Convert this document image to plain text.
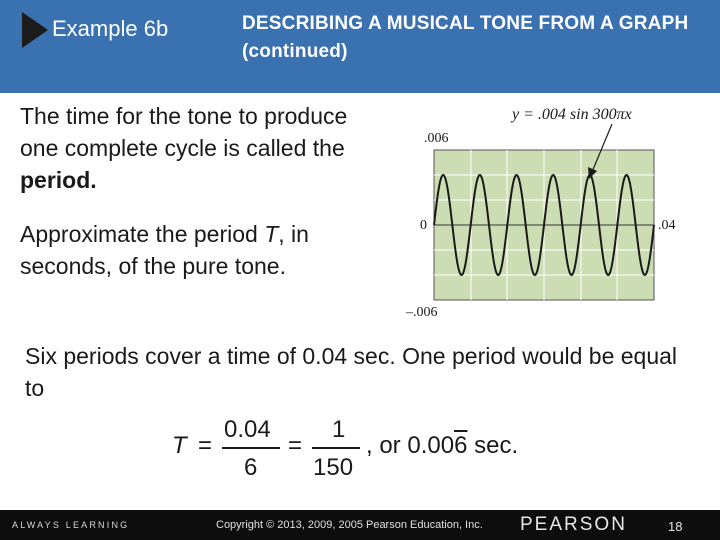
Example 6b	DESCRIBING A MUSICAL TONE FROM A GRAPH (continued)
The time for the tone to produce one complete cycle is called the period.
Approximate the period T, in seconds, of the pure tone.
y = .004 sin 300πx
.006
0	.04
–.006
Six periods cover a time of 0.04 sec. One period would be equal to
T =
0.04
6
=
1
150
, or 0.006 sec.
ALWAYS LEARNING	Copyright © 2013, 2009, 2005 Pearson Education, Inc. PEARSON	18
